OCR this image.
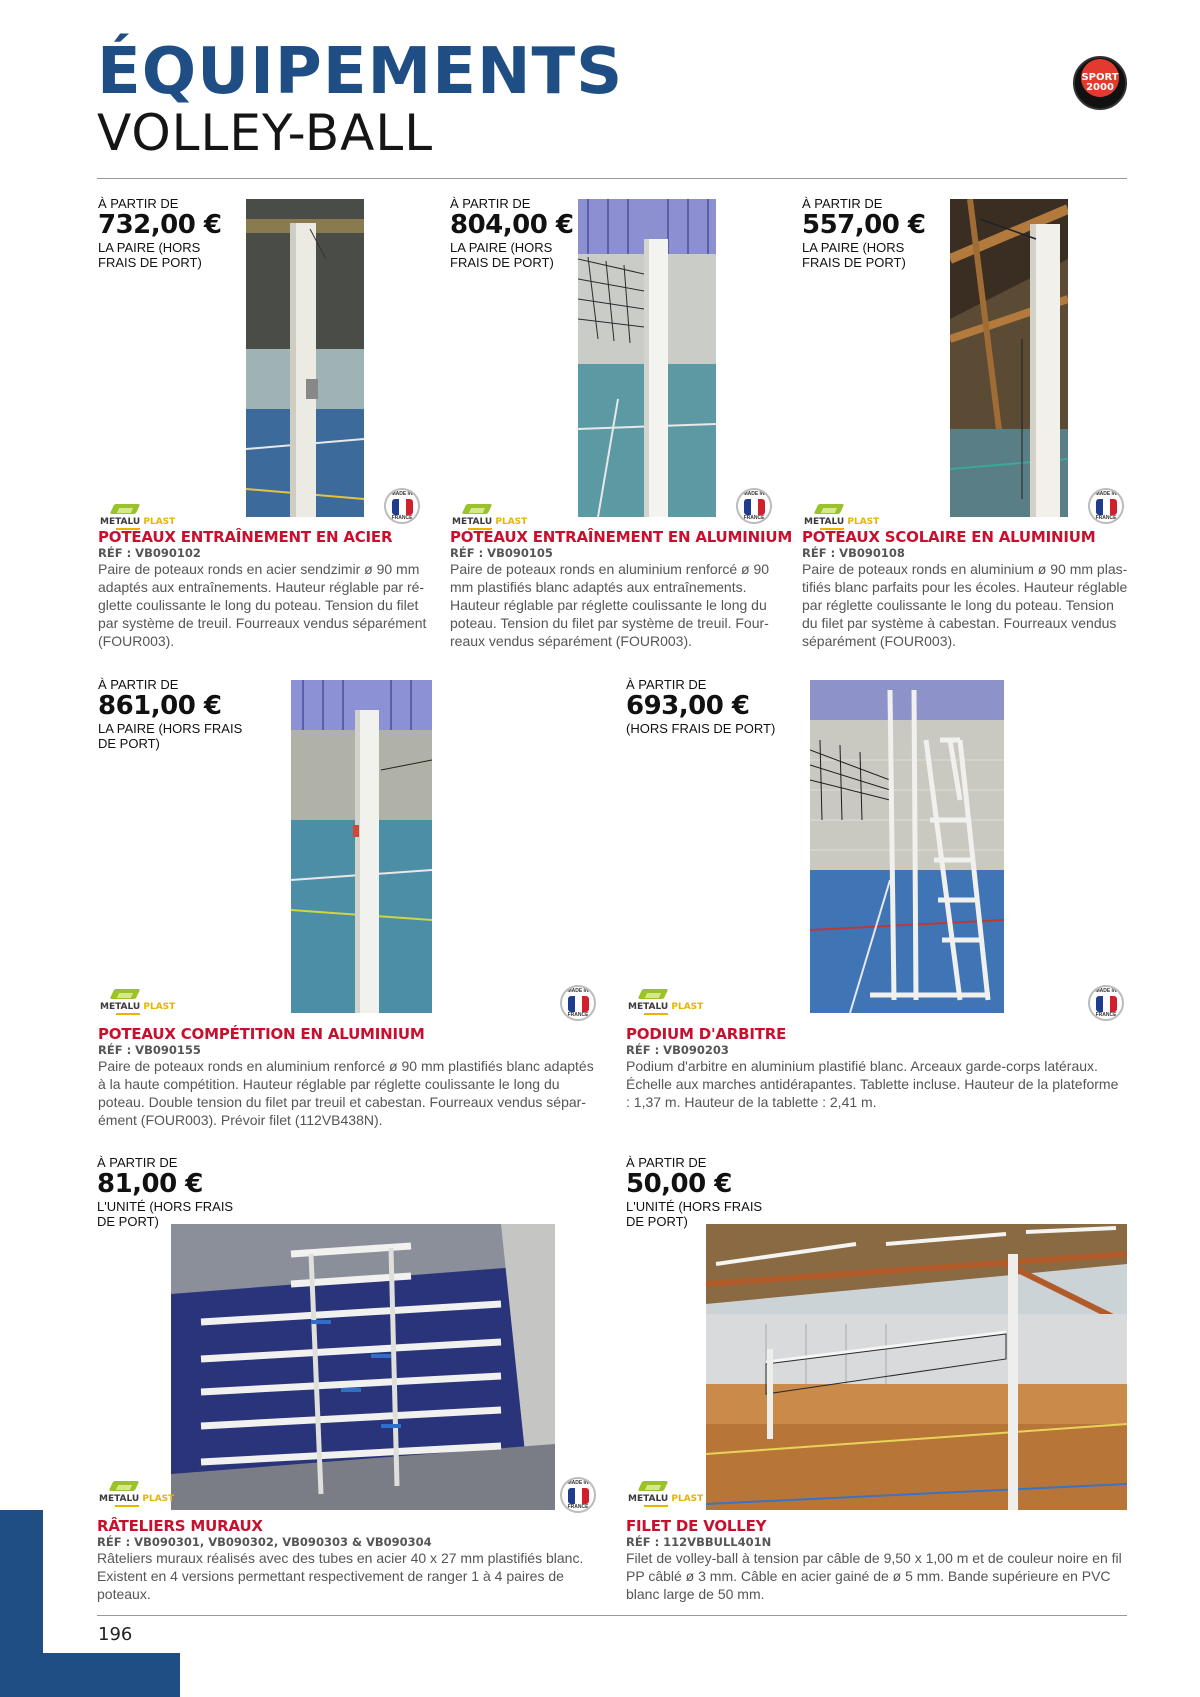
ÉQUIPEMENTS
VOLLEY-BALL
SPORT
2000
À PARTIR DE
732,00 €
LA PAIRE (HORS FRAIS DE PORT)
METALU PLAST
MADE IN
FRANCE
POTEAUX ENTRAÎNEMENT EN ACIER
RÉF : VB090102
Paire de poteaux ronds en acier sendzimir ø 90 mm adaptés aux entraînements. Hauteur réglable par ré-glette coulissante le long du poteau. Tension du filet par système de treuil. Fourreaux vendus séparément (FOUR003).
À PARTIR DE
804,00 €
LA PAIRE (HORS FRAIS DE PORT)
METALU PLAST
MADE IN
FRANCE
POTEAUX ENTRAÎNEMENT EN ALUMINIUM
RÉF : VB090105
Paire de poteaux ronds en aluminium renforcé ø 90 mm plastifiés blanc adaptés aux entraînements. Hauteur réglable par réglette coulissante le long du poteau. Tension du filet par système de treuil. Four-reaux vendus séparément (FOUR003).
À PARTIR DE
557,00 €
LA PAIRE (HORS FRAIS DE PORT)
METALU PLAST
MADE IN
FRANCE
POTEAUX SCOLAIRE EN ALUMINIUM
RÉF : VB090108
Paire de poteaux ronds en aluminium ø 90 mm plas-tifiés blanc parfaits pour les écoles. Hauteur réglable par réglette coulissante le long du poteau. Tension du filet par système à cabestan. Fourreaux vendus séparément (FOUR003).
À PARTIR DE
861,00 €
LA PAIRE (HORS FRAIS DE PORT)
METALU PLAST
MADE IN
FRANCE
POTEAUX COMPÉTITION EN ALUMINIUM
RÉF : VB090155
Paire de poteaux ronds en aluminium renforcé ø 90 mm plastifiés blanc adaptés à la haute compétition. Hauteur réglable par réglette coulissante le long du poteau. Double tension du filet par treuil et cabestan. Fourreaux vendus sépar-ément (FOUR003). Prévoir filet (112VB438N).
À PARTIR DE
693,00 €
(HORS FRAIS DE PORT)
METALU PLAST
MADE IN
FRANCE
PODIUM D'ARBITRE
RÉF : VB090203
Podium d'arbitre en aluminium plastifié blanc. Arceaux garde-corps latéraux. Échelle aux marches antidérapantes. Tablette incluse. Hauteur de la plateforme : 1,37 m. Hauteur de la tablette : 2,41 m.
À PARTIR DE
81,00 €
L'UNITÉ (HORS FRAIS DE PORT)
METALU PLAST
MADE IN
FRANCE
RÂTELIERS MURAUX
RÉF : VB090301, VB090302, VB090303 & VB090304
Râteliers muraux réalisés avec des tubes en acier 40 x 27 mm plastifiés blanc. Existent en 4 versions permettant respectivement de ranger 1 à 4 paires de poteaux.
À PARTIR DE
50,00 €
L'UNITÉ (HORS FRAIS DE PORT)
METALU PLAST
FILET DE VOLLEY
RÉF : 112VBBULL401N
Filet de volley-ball à tension par câble de 9,50 x 1,00 m et de couleur noire en fil PP câblé ø 3 mm. Câble en acier gainé de ø 5 mm. Bande supérieure en PVC blanc large de 50 mm.
196
